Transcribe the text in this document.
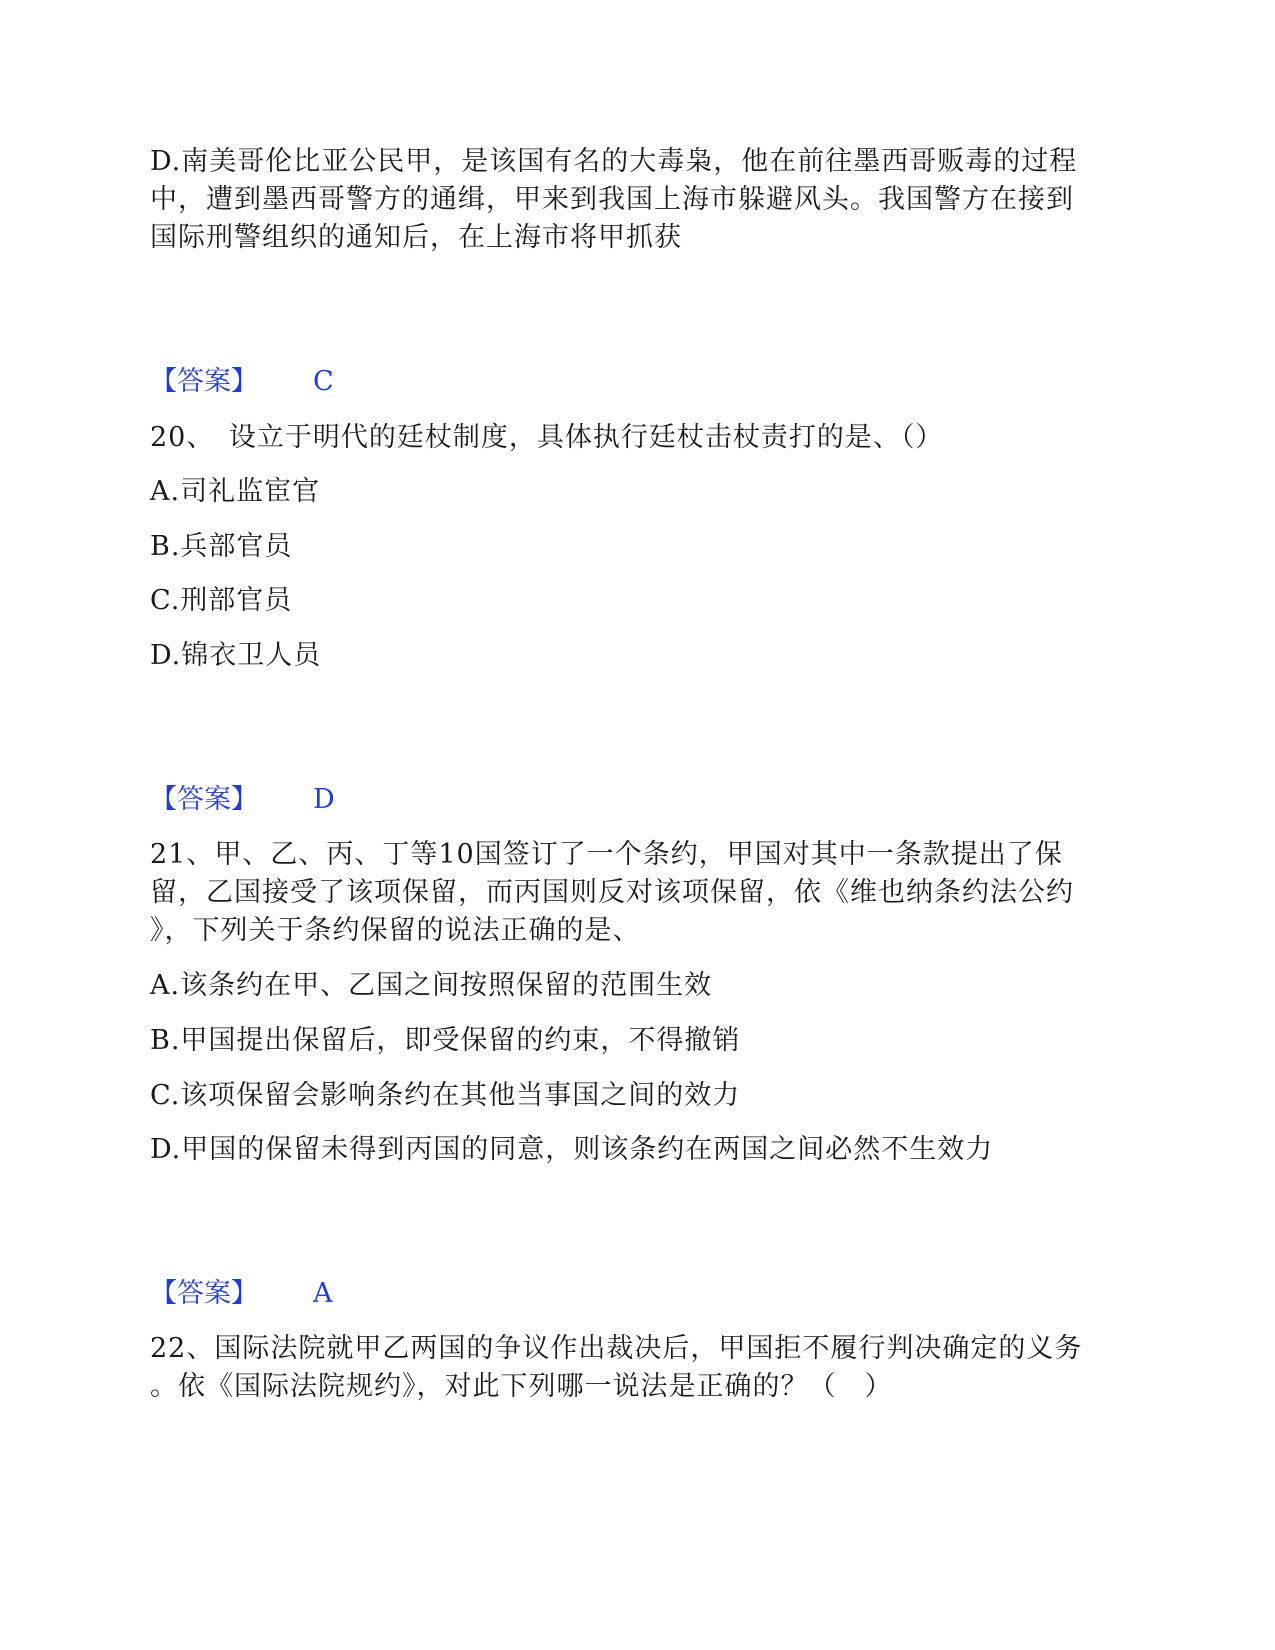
D.南美哥伦比亚公民甲，是该国有名的大毒枭，他在前往墨西哥贩毒的过程
中，遭到墨西哥警方的通缉，甲来到我国上海市躲避风头。我国警方在接到
国际刑警组织的通知后，在上海市将甲抓获
【答案】 C
20、　设立于明代的廷杖制度，具体执行廷杖击杖责打的是、（）
A.司礼监宦官
B.兵部官员
C.刑部官员
D.锦衣卫人员
【答案】 D
21、甲、乙、丙、丁等10国签订了一个条约，甲国对其中一条款提出了保
留，乙国接受了该项保留，而丙国则反对该项保留，依《维也纳条约法公约
》，下列关于条约保留的说法正确的是、
A.该条约在甲、乙国之间按照保留的范围生效
B.甲国提出保留后，即受保留的约束，不得撤销
C.该项保留会影响条约在其他当事国之间的效力
D.甲国的保留未得到丙国的同意，则该条约在两国之间必然不生效力
【答案】 A
22、国际法院就甲乙两国的争议作出裁决后，甲国拒不履行判决确定的义务
。依《国际法院规约》，对此下列哪一说法是正确的？（　）
